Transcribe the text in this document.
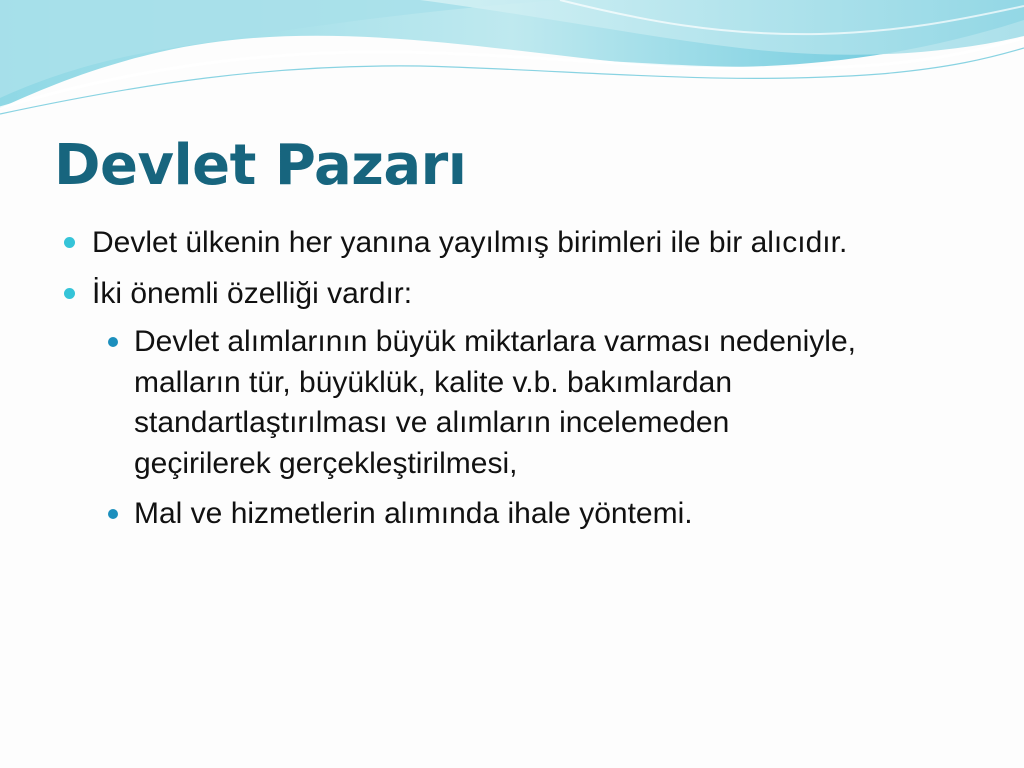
Devlet Pazarı
Devlet ülkenin her yanına yayılmış birimleri ile bir alıcıdır.
İki önemli özelliği vardır:
Devlet alımlarının büyük miktarlara varması nedeniyle,
malların tür, büyüklük, kalite v.b. bakımlardan
standartlaştırılması ve alımların incelemeden
geçirilerek gerçekleştirilmesi,
Mal ve hizmetlerin alımında ihale yöntemi.
